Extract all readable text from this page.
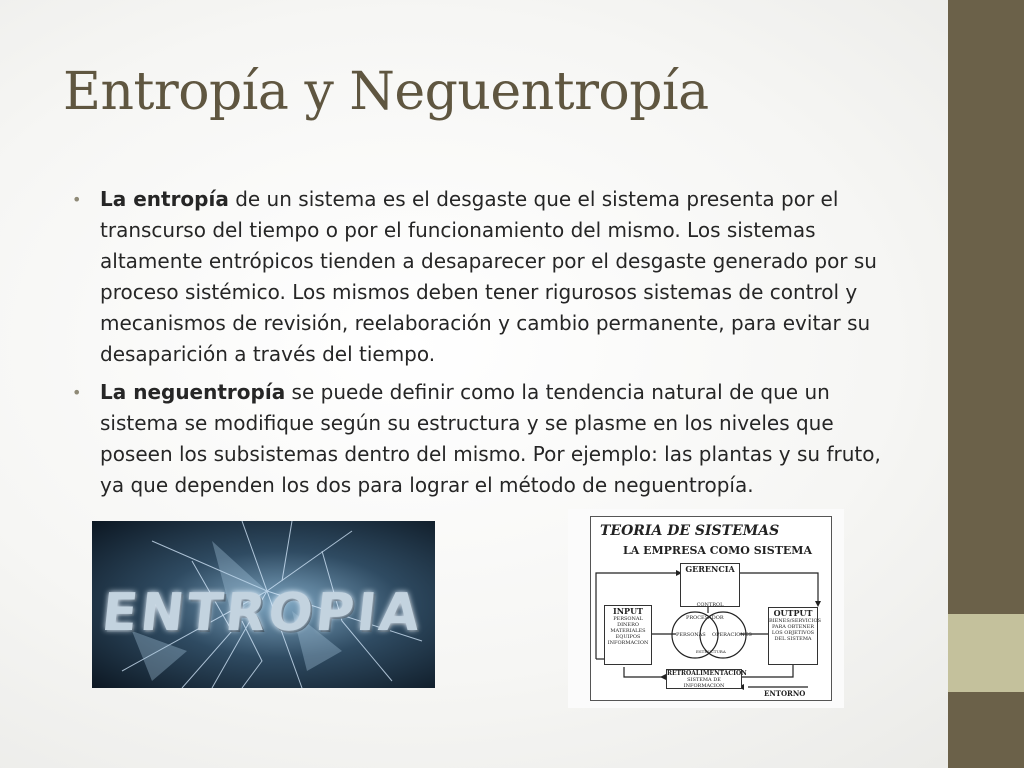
Entropía y Neguentropía
• La entropía de un sistema es el desgaste que el sistema presenta por el transcurso del tiempo o por el funcionamiento del mismo. Los sistemas altamente entrópicos tienden a desaparecer por el desgaste generado por su proceso sistémico. Los mismos deben tener rigurosos sistemas de control y mecanismos de revisión, reelaboración y cambio permanente, para evitar su desaparición a través del tiempo.
• La neguentropía se puede definir como la tendencia natural de que un sistema se modifique según su estructura y se plasme en los niveles que poseen los subsistemas dentro del mismo. Por ejemplo: las plantas y su fruto, ya que dependen los dos para lograr el método de neguentropía.
ENTROPIA
TEORIA DE SISTEMAS
LA EMPRESA COMO SISTEMA
GERENCIA
CONTROL
INPUT
PERSONAL DINERO MATERIALES EQUIPOS INFORMACION
PROCESADOR
PERSONAS OPERACIONES
ESTRUCTURA
OUTPUT
BIENES/SERVICIOS PARA OBTENER LOS OBJETIVOS DEL SISTEMA
RETROALIMENTACION
SISTEMA DE INFORMACION
ENTORNO
